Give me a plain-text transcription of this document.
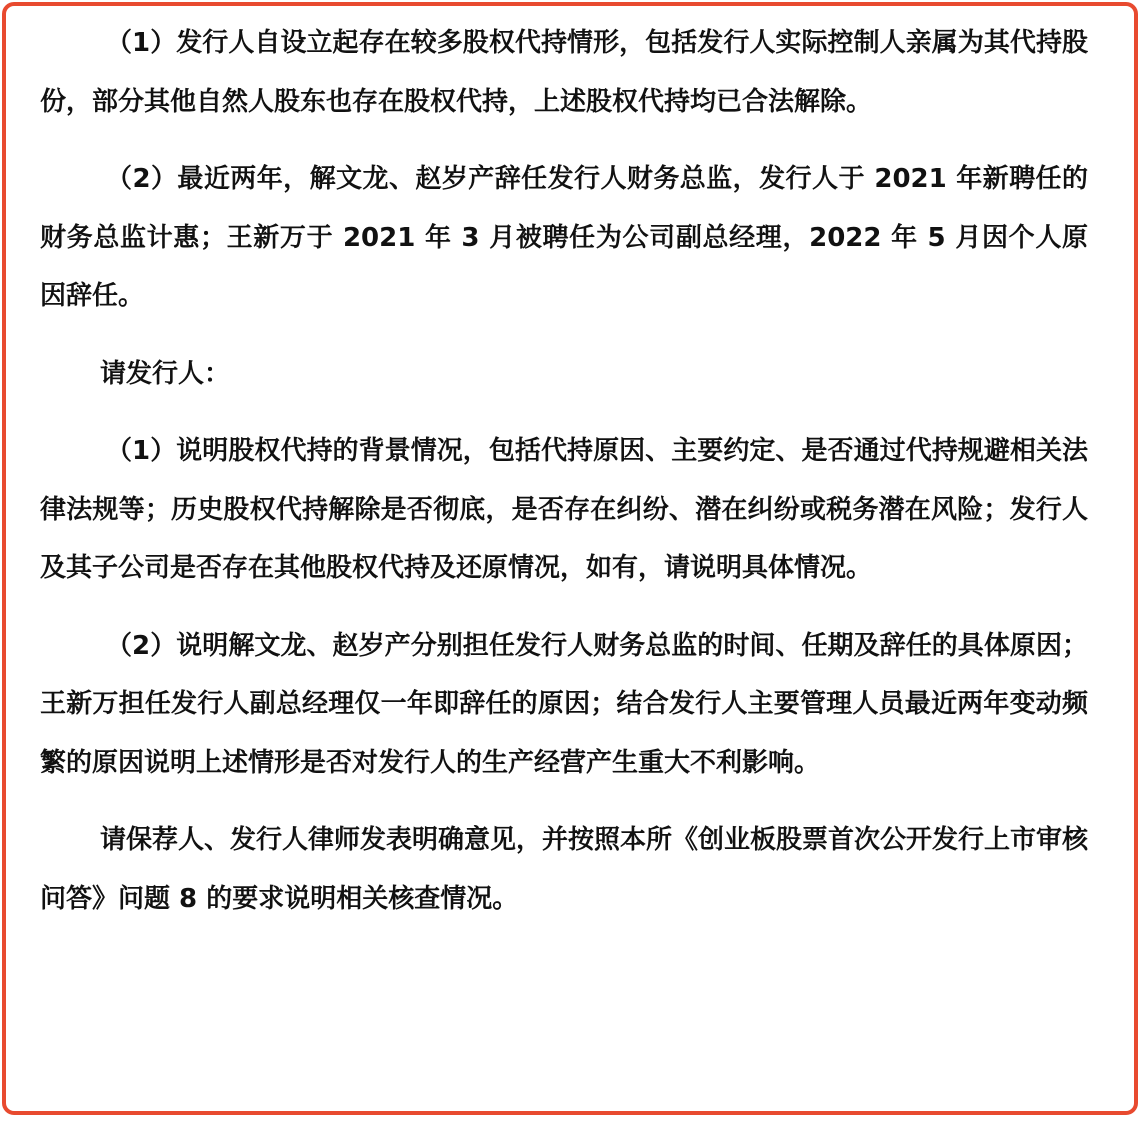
（1）发行人自设立起存在较多股权代持情形，包括发行人实际控制人亲属为其代持股份，部分其他自然人股东也存在股权代持，上述股权代持均已合法解除。

（2）最近两年，解文龙、赵岁产辞任发行人财务总监，发行人于 2021 年新聘任的财务总监计惠；王新万于 2021 年 3 月被聘任为公司副总经理，2022 年 5 月因个人原因辞任。

请发行人：

（1）说明股权代持的背景情况，包括代持原因、主要约定、是否通过代持规避相关法律法规等；历史股权代持解除是否彻底，是否存在纠纷、潜在纠纷或税务潜在风险；发行人及其子公司是否存在其他股权代持及还原情况，如有，请说明具体情况。

（2）说明解文龙、赵岁产分别担任发行人财务总监的时间、任期及辞任的具体原因；王新万担任发行人副总经理仅一年即辞任的原因；结合发行人主要管理人员最近两年变动频繁的原因说明上述情形是否对发行人的生产经营产生重大不利影响。

请保荐人、发行人律师发表明确意见，并按照本所《创业板股票首次公开发行上市审核问答》问题 8 的要求说明相关核查情况。
